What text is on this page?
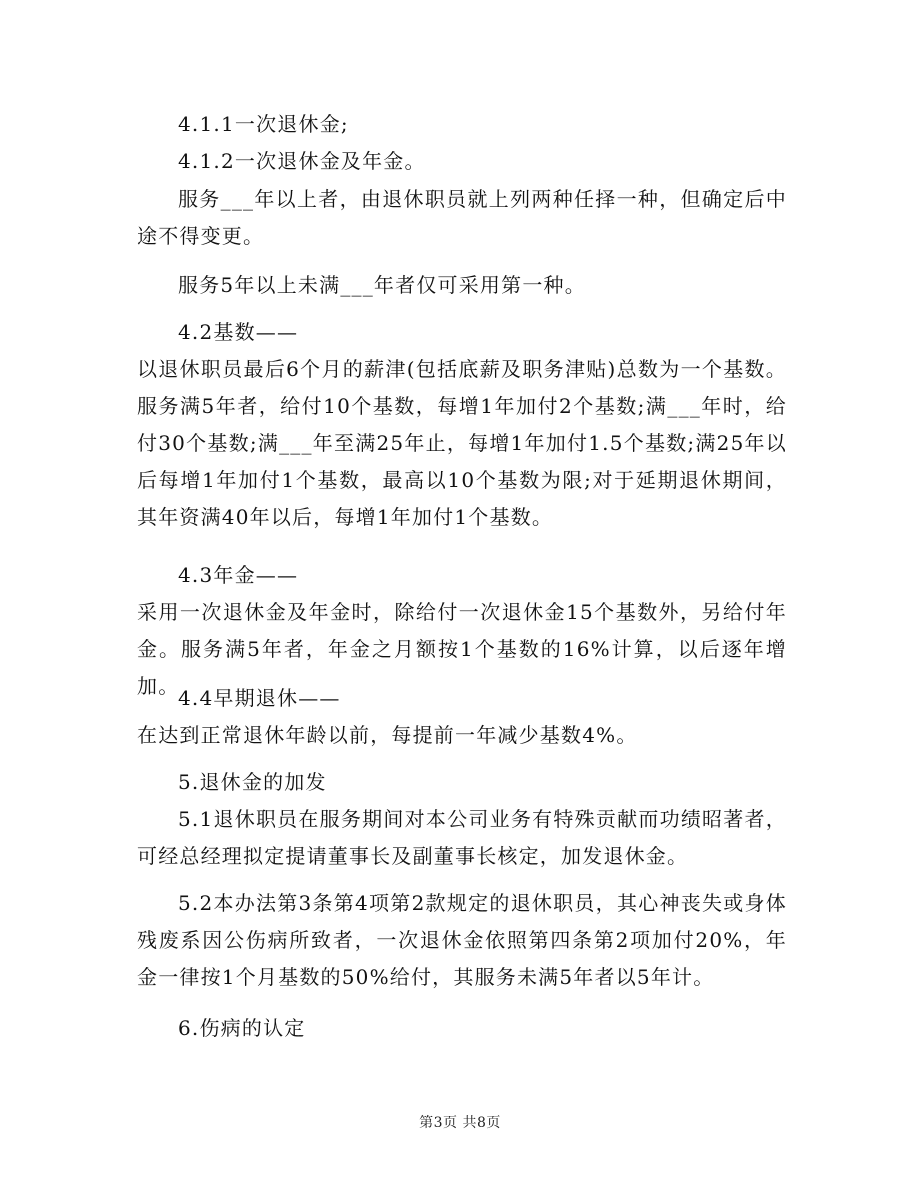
4.1.1一次退休金;

4.1.2一次退休金及年金。

服务___年以上者，由退休职员就上列两种任择一种，但确定后中途不得变更。

服务5年以上未满___年者仅可采用第一种。

4.2基数——

以退休职员最后6个月的薪津(包括底薪及职务津贴)总数为一个基数。服务满5年者，给付10个基数，每增1年加付2个基数;满___年时，给付30个基数;满___年至满25年止，每增1年加付1.5个基数;满25年以后每增1年加付1个基数，最高以10个基数为限;对于延期退休期间，其年资满40年以后，每增1年加付1个基数。

4.3年金——

采用一次退休金及年金时，除给付一次退休金15个基数外，另给付年金。服务满5年者，年金之月额按1个基数的16%计算，以后逐年增加。

4.4早期退休——

在达到正常退休年龄以前，每提前一年减少基数4%。

5.退休金的加发

5.1退休职员在服务期间对本公司业务有特殊贡献而功绩昭著者，可经总经理拟定提请董事长及副董事长核定，加发退休金。

5.2本办法第3条第4项第2款规定的退休职员，其心神丧失或身体残废系因公伤病所致者，一次退休金依照第四条第2项加付20%，年金一律按1个月基数的50%给付，其服务未满5年者以5年计。

6.伤病的认定

第3页 共8页
